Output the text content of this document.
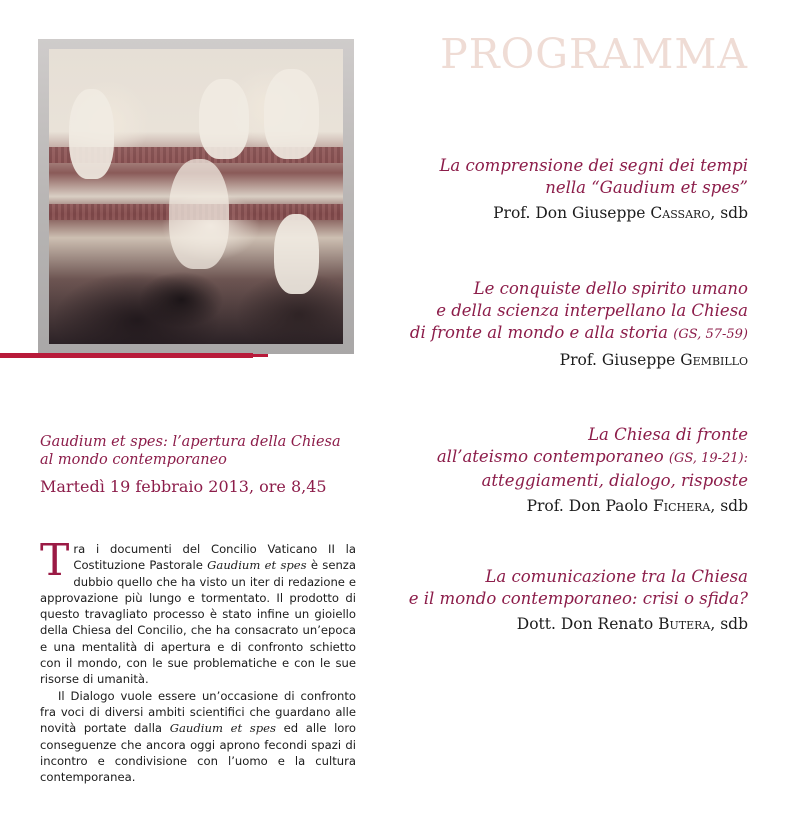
PROGRAMMA

La comprensione dei segni dei tempi
nella “Gaudium et spes”

Prof. Don Giuseppe Cassaro, sdb

Le conquiste dello spirito umano
e della scienza interpellano la Chiesa
di fronte al mondo e alla storia (GS, 57-59)

Prof. Giuseppe Gembillo

La Chiesa di fronte
all’ateismo contemporaneo (GS, 19-21):
atteggiamenti, dialogo, risposte

Prof. Don Paolo Fichera, sdb

La comunicazione tra la Chiesa
e il mondo contemporaneo: crisi o sfida?

Dott. Don Renato Butera, sdb

Gaudium et spes: l’apertura della Chiesa
al mondo contemporaneo

Martedì 19 febbraio 2013, ore 8,45

Tra i documenti del Concilio Vaticano II la Costituzione Pastorale Gaudium et spes è senza dubbio quello che ha visto un iter di redazione e approvazione più lungo e tormentato. Il prodotto di questo travagliato processo è stato infine un gioiello della Chiesa del Concilio, che ha consacrato un’epoca e una mentalità di apertura e di confronto schietto con il mondo, con le sue problematiche e con le sue risorse di umanità.

Il Dialogo vuole essere un’occasione di confronto fra voci di diversi ambiti scientifici che guardano alle novità portate dalla Gaudium et spes ed alle loro conseguenze che ancora oggi aprono fecondi spazi di incontro e condivisione con l’uomo e la cultura contemporanea.
